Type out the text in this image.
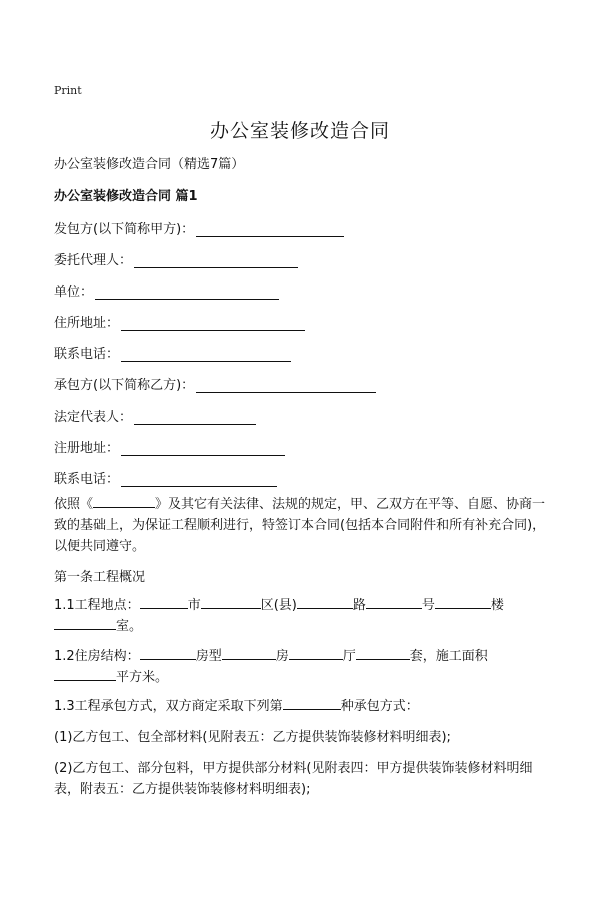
Print
办公室装修改造合同
办公室装修改造合同（精选7篇）
办公室装修改造合同 篇1
发包方(以下简称甲方)：
委托代理人：
单位：
住所地址：
联系电话：
承包方(以下简称乙方)：
法定代表人：
注册地址：
联系电话：
依照《	》及其它有关法律、法规的规定，甲、乙双方在平等、自愿、协商一致的基础上，为保证工程顺利进行，特签订本合同(包括本合同附件和所有补充合同)，以便共同遵守。
第一条工程概况
1.1工程地点：	市	区(县)	路	号	楼
室。
1.2住房结构：	房型	房	厅	套，施工面积
平方米。
1.3工程承包方式，双方商定采取下列第	种承包方式：
(1)乙方包工、包全部材料(见附表五：乙方提供装饰装修材料明细表);
(2)乙方包工、部分包料，甲方提供部分材料(见附表四：甲方提供装饰装修材料明细表，附表五：乙方提供装饰装修材料明细表);
